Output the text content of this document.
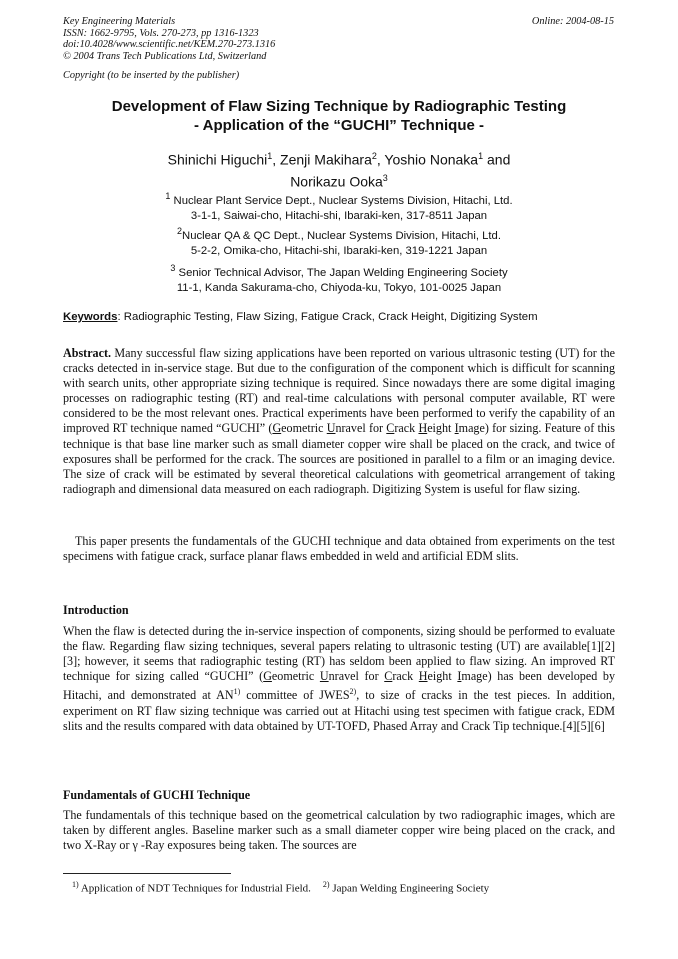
Key Engineering Materials
ISSN: 1662-9795, Vols. 270-273, pp 1316-1323
doi:10.4028/www.scientific.net/KEM.270-273.1316
© 2004 Trans Tech Publications Ltd, Switzerland
Online: 2004-08-15
Copyright (to be inserted by the publisher)
Development of Flaw Sizing Technique by Radiographic Testing
- Application of the “GUCHI” Technique -
Shinichi Higuchi$^1$, Zenji Makihara$^2$, Yoshio Nonaka$^1$ and
Norikazu Ooka$^3$
$^1$ Nuclear Plant Service Dept., Nuclear Systems Division, Hitachi, Ltd.
3-1-1, Saiwai-cho, Hitachi-shi, Ibaraki-ken, 317-8511 Japan
$^2$Nuclear QA & QC Dept., Nuclear Systems Division, Hitachi, Ltd.
5-2-2, Omika-cho, Hitachi-shi, Ibaraki-ken, 319-1221 Japan
$^3$ Senior Technical Advisor, The Japan Welding Engineering Society
11-1, Kanda Sakurama-cho, Chiyoda-ku, Tokyo, 101-0025 Japan
Keywords: Radiographic Testing, Flaw Sizing, Fatigue Crack, Crack Height, Digitizing System
Abstract. Many successful flaw sizing applications have been reported on various ultrasonic testing (UT) for the cracks detected in in-service stage. But due to the configuration of the component which is difficult for scanning with search units, other appropriate sizing technique is required. Since nowadays there are some digital imaging processes on radiographic testing (RT) and real-time calculations with personal computer available, RT were considered to be the most relevant ones. Practical experiments have been performed to verify the capability of an improved RT technique named “GUCHI” (Geometric Unravel for Crack Height Image) for sizing. Feature of this technique is that base line marker such as small diameter copper wire shall be placed on the crack, and twice of exposures shall be performed for the crack. The sources are positioned in parallel to a film or an imaging device. The size of crack will be estimated by several theoretical calculations with geometrical arrangement of taking radiograph and dimensional data measured on each radiograph. Digitizing System is useful for flaw sizing.
This paper presents the fundamentals of the GUCHI technique and data obtained from experiments on the test specimens with fatigue crack, surface planar flaws embedded in weld and artificial EDM slits.
Introduction
When the flaw is detected during the in-service inspection of components, sizing should be performed to evaluate the flaw. Regarding flaw sizing techniques, several papers relating to ultrasonic testing (UT) are available[1][2][3]; however, it seems that radiographic testing (RT) has seldom been applied to flaw sizing. An improved RT technique for sizing called “GUCHI” (Geometric Unravel for Crack Height Image) has been developed by Hitachi, and demonstrated at AN$^{1)}$ committee of JWES$^{2)}$, to size of cracks in the test pieces. In addition, experiment on RT flaw sizing technique was carried out at Hitachi using test specimen with fatigue crack, EDM slits and the results compared with data obtained by UT-TOFD, Phased Array and Crack Tip technique.[4][5][6]
Fundamentals of GUCHI Technique
The fundamentals of this technique based on the geometrical calculation by two radiographic images, which are taken by different angles. Baseline marker such as a small diameter copper wire being placed on the crack, and two X-Ray or γ -Ray exposures being taken. The sources are
$^{1)}$ Application of NDT Techniques for Industrial Field. $^{2)}$ Japan Welding Engineering Society
